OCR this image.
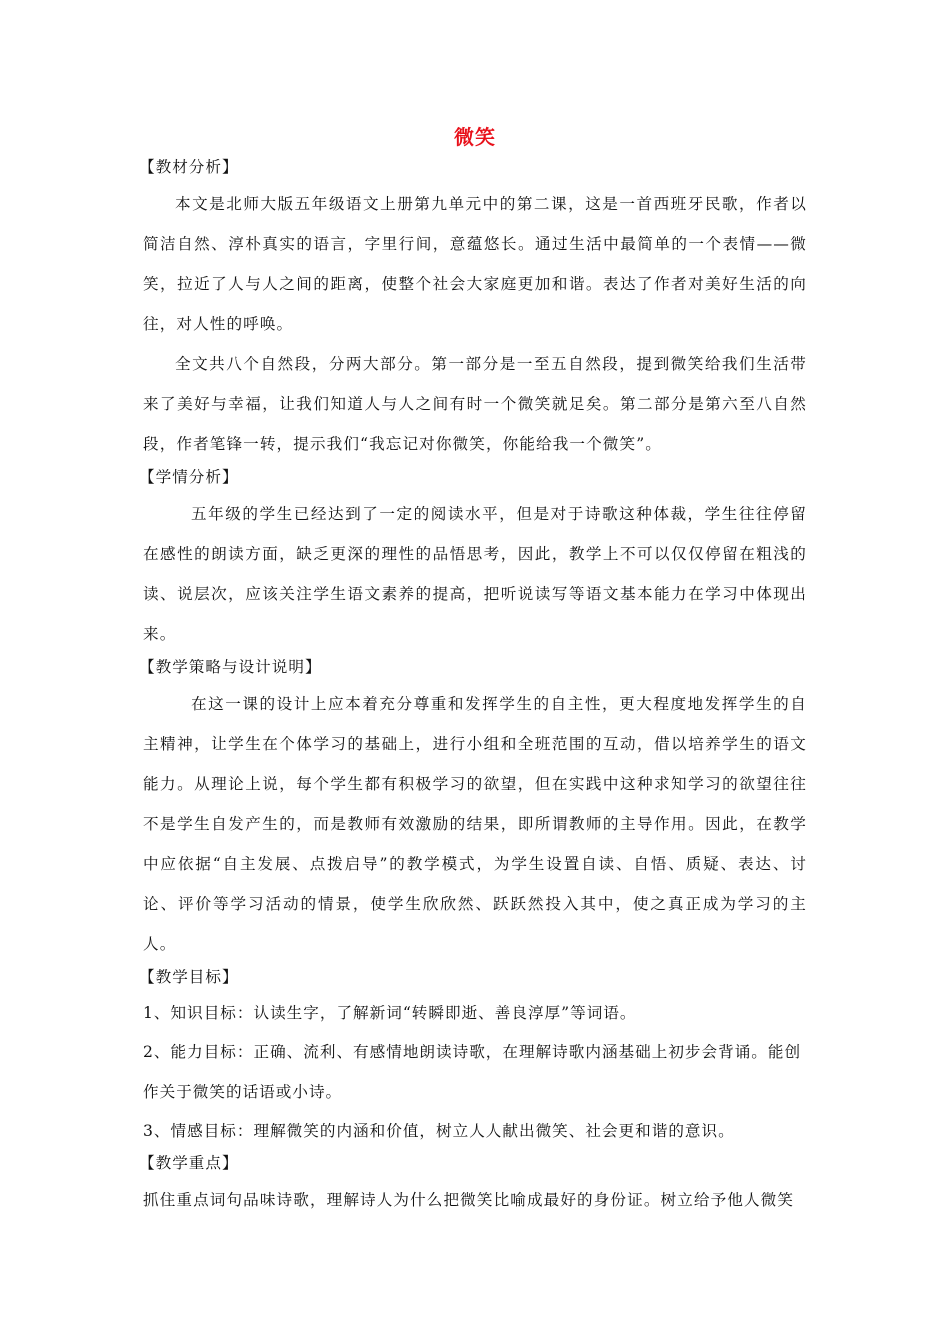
微笑
【教材分析】

本文是北师大版五年级语文上册第九单元中的第二课，这是一首西班牙民歌，作者以简洁自然、淳朴真实的语言，字里行间，意蕴悠长。通过生活中最简单的一个表情——微笑，拉近了人与人之间的距离，使整个社会大家庭更加和谐。表达了作者对美好生活的向往，对人性的呼唤。

全文共八个自然段，分两大部分。第一部分是一至五自然段，提到微笑给我们生活带来了美好与幸福，让我们知道人与人之间有时一个微笑就足矣。第二部分是第六至八自然段，作者笔锋一转，提示我们“我忘记对你微笑，你能给我一个微笑”。

【学情分析】

五年级的学生已经达到了一定的阅读水平，但是对于诗歌这种体裁，学生往往停留在感性的朗读方面，缺乏更深的理性的品悟思考，因此，教学上不可以仅仅停留在粗浅的读、说层次，应该关注学生语文素养的提高，把听说读写等语文基本能力在学习中体现出来。

【教学策略与设计说明】

在这一课的设计上应本着充分尊重和发挥学生的自主性，更大程度地发挥学生的自主精神，让学生在个体学习的基础上，进行小组和全班范围的互动，借以培养学生的语文能力。从理论上说，每个学生都有积极学习的欲望，但在实践中这种求知学习的欲望往往不是学生自发产生的，而是教师有效激励的结果，即所谓教师的主导作用。因此，在教学中应依据“自主发展、点拨启导”的教学模式，为学生设置自读、自悟、质疑、表达、讨论、评价等学习活动的情景，使学生欣欣然、跃跃然投入其中，使之真正成为学习的主人。

【教学目标】

1、知识目标：认读生字，了解新词“转瞬即逝、善良淳厚”等词语。

2、能力目标：正确、流利、有感情地朗读诗歌，在理解诗歌内涵基础上初步会背诵。能创作关于微笑的话语或小诗。

3、情感目标：理解微笑的内涵和价值，树立人人献出微笑、社会更和谐的意识。

【教学重点】

抓住重点词句品味诗歌，理解诗人为什么把微笑比喻成最好的身份证。树立给予他人微笑
